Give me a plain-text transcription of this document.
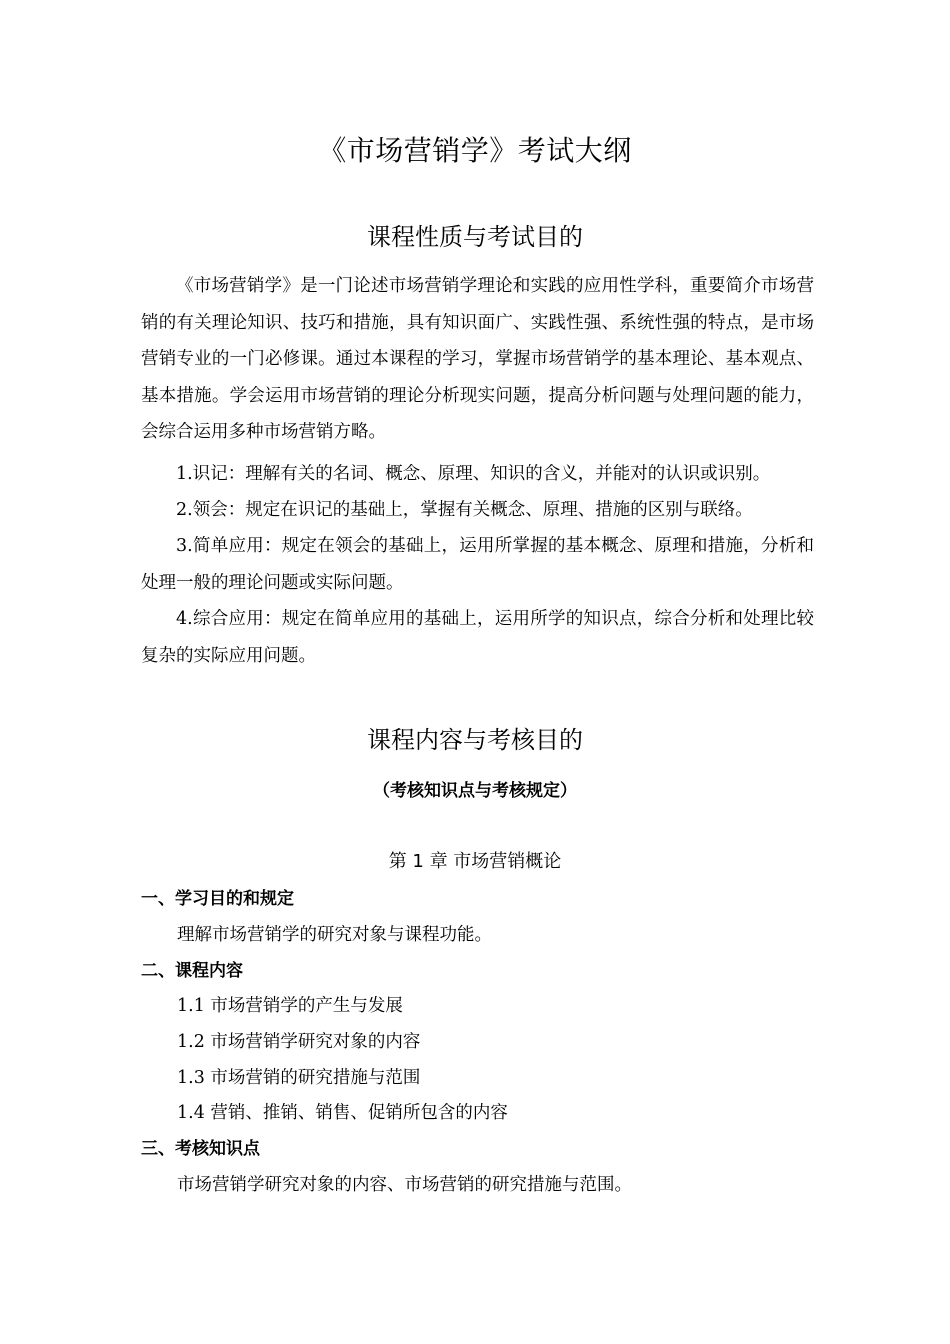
《市场营销学》考试大纲
课程性质与考试目的
《市场营销学》是一门论述市场营销学理论和实践的应用性学科，重要简介市场营销的有关理论知识、技巧和措施，具有知识面广、实践性强、系统性强的特点，是市场营销专业的一门必修课。通过本课程的学习，掌握市场营销学的基本理论、基本观点、基本措施。学会运用市场营销的理论分析现实问题，提高分析问题与处理问题的能力，会综合运用多种市场营销方略。
1.识记：理解有关的名词、概念、原理、知识的含义，并能对的认识或识别。
2.领会：规定在识记的基础上，掌握有关概念、原理、措施的区别与联络。
3.简单应用：规定在领会的基础上，运用所掌握的基本概念、原理和措施，分析和处理一般的理论问题或实际问题。
4.综合应用：规定在简单应用的基础上，运用所学的知识点，综合分析和处理比较复杂的实际应用问题。
课程内容与考核目的
（考核知识点与考核规定）
第 1 章 市场营销概论
一、学习目的和规定
理解市场营销学的研究对象与课程功能。
二、课程内容
1.1 市场营销学的产生与发展
1.2 市场营销学研究对象的内容
1.3 市场营销的研究措施与范围
1.4 营销、推销、销售、促销所包含的内容
三、考核知识点
市场营销学研究对象的内容、市场营销的研究措施与范围。
